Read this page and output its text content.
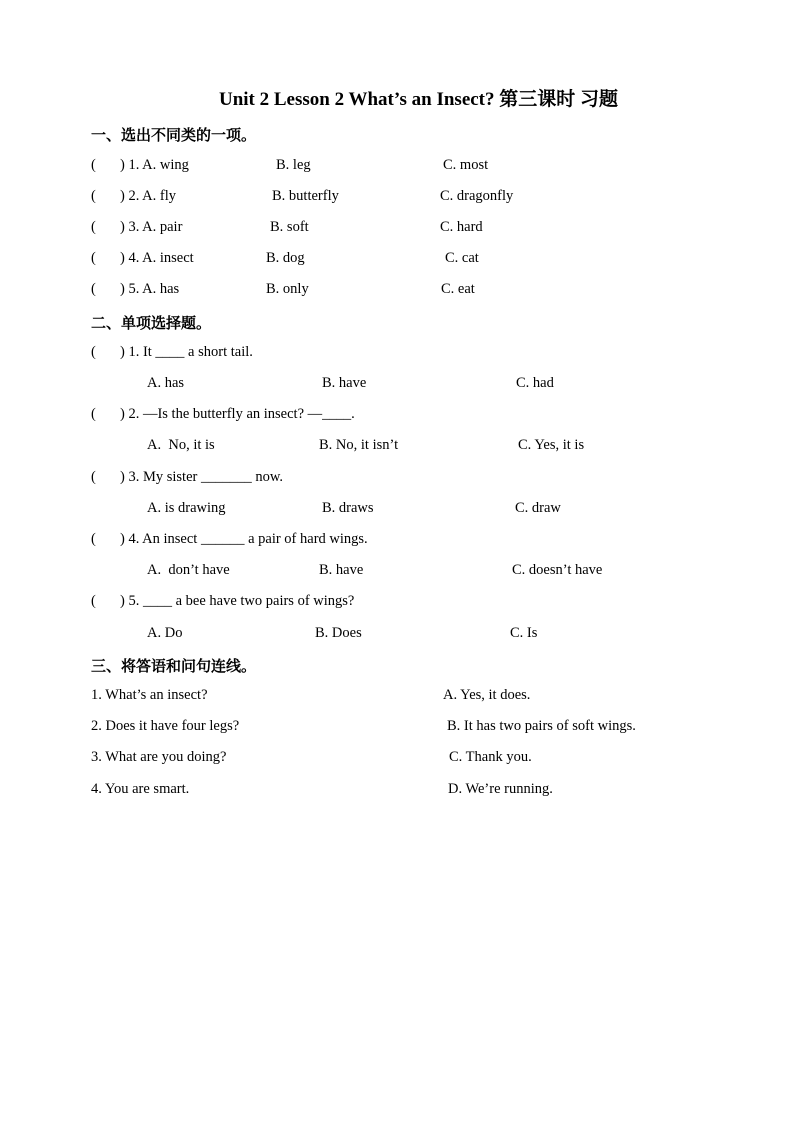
Unit 2 Lesson 2 What’s an Insect? 第三课时 习题
一、选出不同类的一项。
( ) 1. A. wing	B. leg	C. most
( ) 2. A. fly	B. butterfly	C. dragonfly
( ) 3. A. pair	B. soft	C. hard
( ) 4. A. insect	B. dog	C. cat
( ) 5. A. has	B. only	C. eat
二、单项选择题。
( ) 1. It ____ a short tail.
A. has	B. have	C. had
( ) 2. —Is the butterfly an insect? —____.
A.  No, it is	B. No, it isn’t	C. Yes, it is
( ) 3. My sister _______ now.
A. is drawing	B. draws	C. draw
( ) 4. An insect ______ a pair of hard wings.
A.  don’t have	B. have	C. doesn’t have
( ) 5. ____ a bee have two pairs of wings?
A. Do	B. Does	C. Is
三、将答语和问句连线。
1. What’s an insect?	A. Yes, it does.
2. Does it have four legs?	B. It has two pairs of soft wings.
3. What are you doing?	C. Thank you.
4. You are smart.	D. We’re running.
